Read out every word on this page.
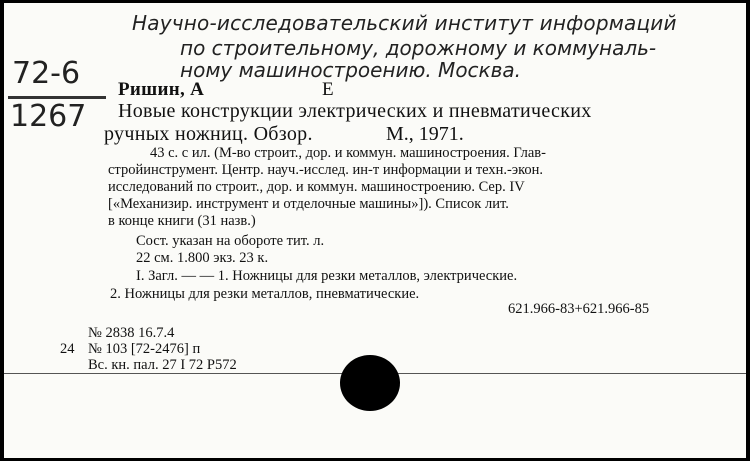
Научно-исследовательский институт информаций
по строительному, дорожному и коммуналь-
ному машиностроению. Москва.
72-6
1267
Ришин, А	Е
Новые конструкции электрических и пневматических
ручных ножниц. Обзор.	М., 1971.
43 с. с ил. (М-во строит., дор. и коммун. машиностроения. Глав-
стройинструмент. Центр. науч.-исслед. ин-т информации и техн.-экон.
исследований по строит., дор. и коммун. машиностроению. Сер. IV
[«Механизир. инструмент и отделочные машины»]). Список лит.
в конце книги (31 назв.)
Сост. указан на обороте тит. л.
22 см. 1.800 экз. 23 к.
I. Загл. — — 1. Ножницы для резки металлов, электрические.
2. Ножницы для резки металлов, пневматические.
621.966-83+621.966-85
№ 2838 16.7.4
24 № 103 [72-2476] п
Вс. кн. пал. 27 I 72 Р572
